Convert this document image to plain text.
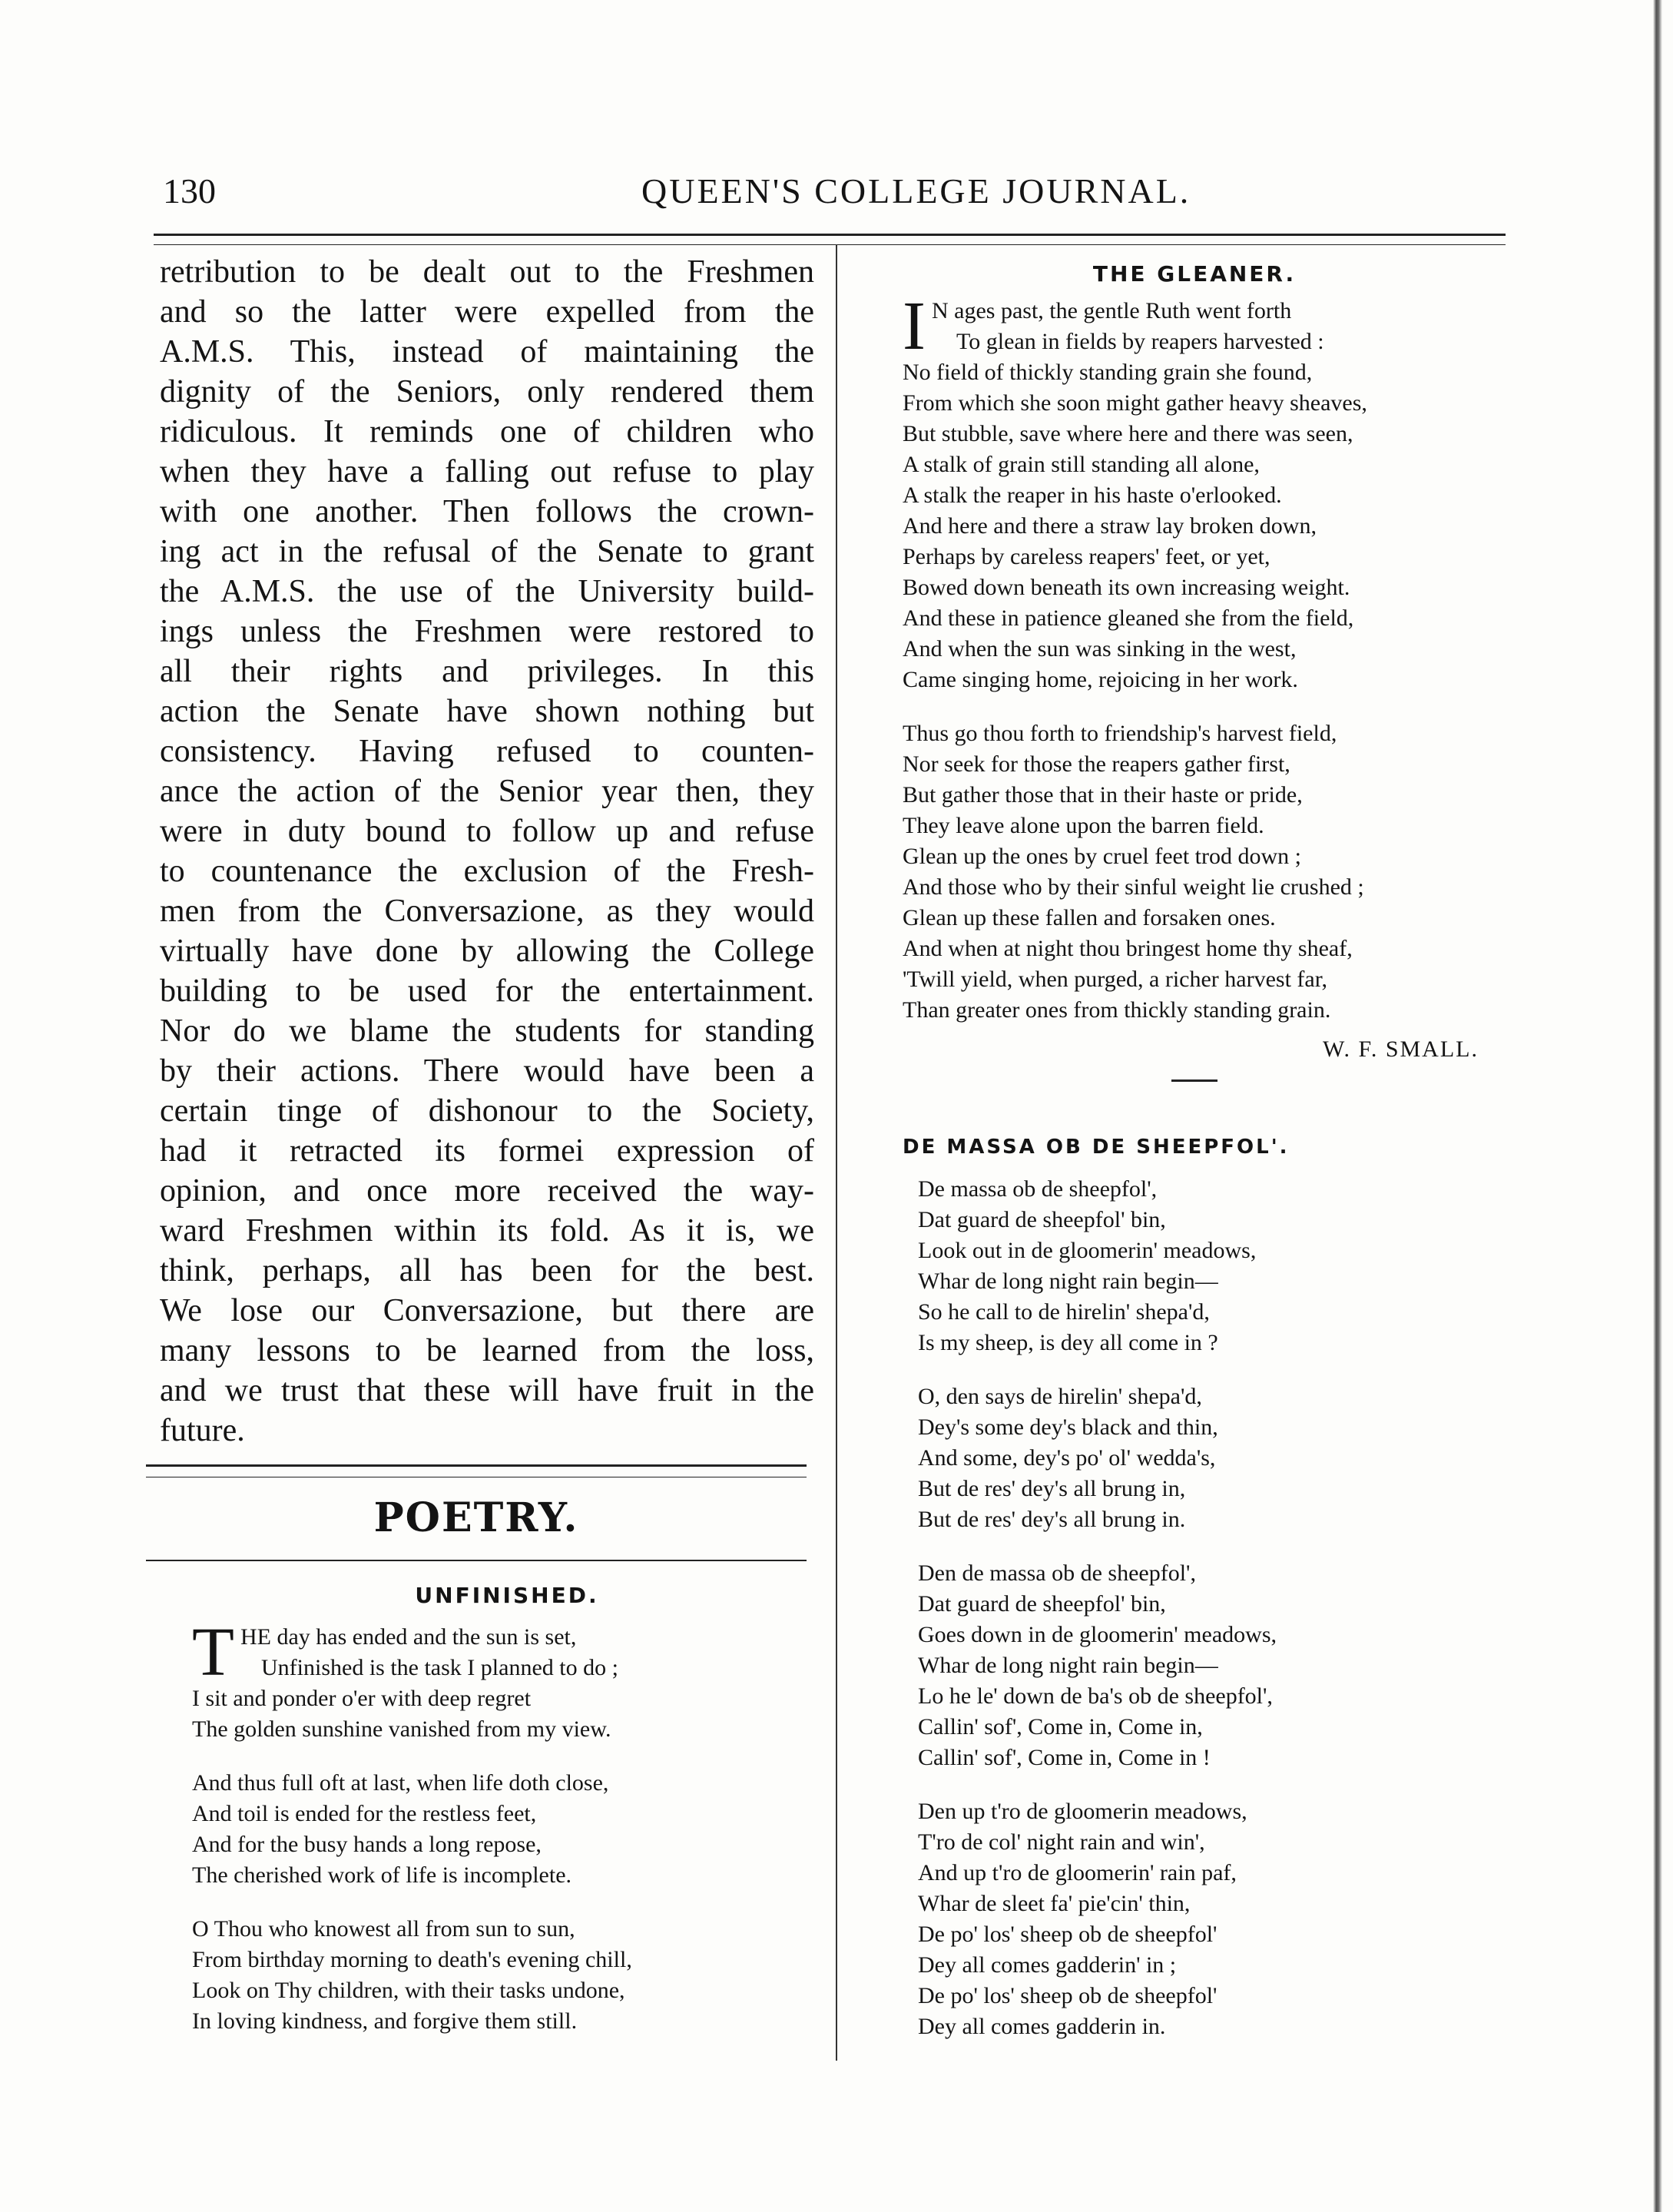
130	QUEEN'S COLLEGE JOURNAL.

retribution to be dealt out to the Freshmen
and so the latter were expelled from the
A.M.S. This, instead of maintaining the
dignity of the Seniors, only rendered them
ridiculous. It reminds one of children who
when they have a falling out refuse to play
with one another. Then follows the crown-
ing act in the refusal of the Senate to grant
the A.M.S. the use of the University build-
ings unless the Freshmen were restored to
all their rights and privileges. In this
action the Senate have shown nothing but
consistency. Having refused to counten-
ance the action of the Senior year then, they
were in duty bound to follow up and refuse
to countenance the exclusion of the Fresh-
men from the Conversazione, as they would
virtually have done by allowing the College
building to be used for the entertainment.
Nor do we blame the students for standing
by their actions. There would have been a
certain tinge of dishonour to the Society,
had it retracted its formei expression of
opinion, and once more received the way-
ward Freshmen within its fold. As it is, we
think, perhaps, all has been for the best.
We lose our Conversazione, but there are
many lessons to be learned from the loss,
and we trust that these will have fruit in the
future.

POETRY.
UNFINISHED.
T HE day has ended and the sun is set,
Unfinished is the task I planned to do ;
I sit and ponder o'er with deep regret
The golden sunshine vanished from my view.
And thus full oft at last, when life doth close,
And toil is ended for the restless feet,
And for the busy hands a long repose,
The cherished work of life is incomplete.
O Thou who knowest all from sun to sun,
From birthday morning to death's evening chill,
Look on Thy children, with their tasks undone,
In loving kindness, and forgive them still.
THE GLEANER.
I N ages past, the gentle Ruth went forth
To glean in fields by reapers harvested :
No field of thickly standing grain she found,
From which she soon might gather heavy sheaves,
But stubble, save where here and there was seen,
A stalk of grain still standing all alone,
A stalk the reaper in his haste o'erlooked.
And here and there a straw lay broken down,
Perhaps by careless reapers' feet, or yet,
Bowed down beneath its own increasing weight.
And these in patience gleaned she from the field,
And when the sun was sinking in the west,
Came singing home, rejoicing in her work.
Thus go thou forth to friendship's harvest field,
Nor seek for those the reapers gather first,
But gather those that in their haste or pride,
They leave alone upon the barren field.
Glean up the ones by cruel feet trod down ;
And those who by their sinful weight lie crushed ;
Glean up these fallen and forsaken ones.
And when at night thou bringest home thy sheaf,
'Twill yield, when purged, a richer harvest far,
Than greater ones from thickly standing grain.
W. F. SMALL.
DE MASSA OB DE SHEEPFOL'.
De massa ob de sheepfol',
Dat guard de sheepfol' bin,
Look out in de gloomerin' meadows,
Whar de long night rain begin—
So he call to de hirelin' shepa'd,
Is my sheep, is dey all come in ?
O, den says de hirelin' shepa'd,
Dey's some dey's black and thin,
And some, dey's po' ol' wedda's,
But de res' dey's all brung in,
But de res' dey's all brung in.
Den de massa ob de sheepfol',
Dat guard de sheepfol' bin,
Goes down in de gloomerin' meadows,
Whar de long night rain begin—
Lo he le' down de ba's ob de sheepfol',
Callin' sof', Come in, Come in,
Callin' sof', Come in, Come in !
Den up t'ro de gloomerin meadows,
T'ro de col' night rain and win',
And up t'ro de gloomerin' rain paf,
Whar de sleet fa' pie'cin' thin,
De po' los' sheep ob de sheepfol'
Dey all comes gadderin' in ;
De po' los' sheep ob de sheepfol'
Dey all comes gadderin in.
